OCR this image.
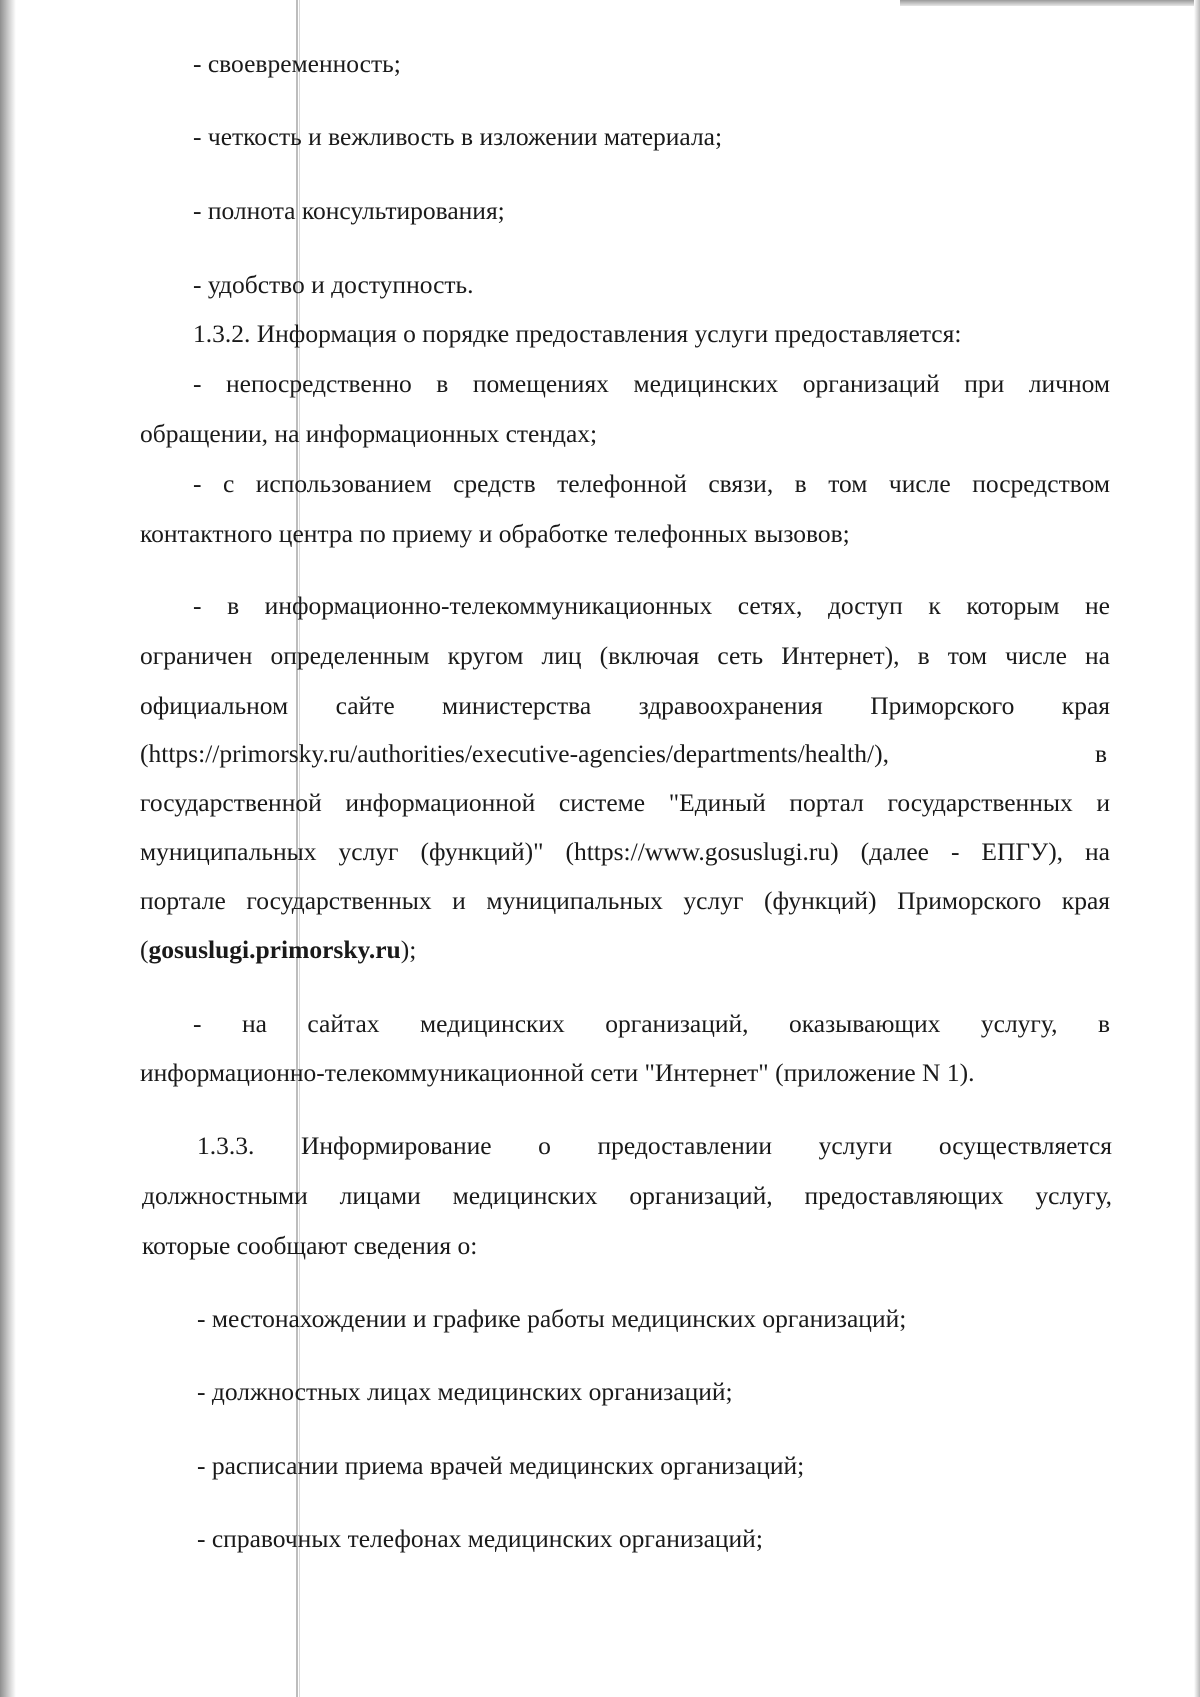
- своевременность;

- четкость и вежливость в изложении материала;

- полнота консультирования;

- удобство и доступность.

1.3.2. Информация о порядке предоставления услуги предоставляется:

- непосредственно в помещениях медицинских организаций при личном

обращении, на информационных стендах;

- с использованием средств телефонной связи, в том числе посредством

контактного центра по приему и обработке телефонных вызовов;

- в информационно-телекоммуникационных сетях, доступ к которым не

ограничен определенным кругом лиц (включая сеть Интернет), в том числе на

официальном сайте министерства здравоохранения Приморского края

(https://primorsky.ru/authorities/executive-agencies/departments/health/),	в

государственной информационной системе "Единый портал государственных и

муниципальных услуг (функций)" (https://www.gosuslugi.ru) (далее - ЕПГУ), на

портале государственных и муниципальных услуг (функций) Приморского края

(gosuslugi.primorsky.ru);

- на сайтах медицинских организаций, оказывающих услугу, в

информационно-телекоммуникационной сети "Интернет" (приложение N 1).

1.3.3. Информирование о предоставлении услуги осуществляется

должностными лицами медицинских организаций, предоставляющих услугу,

которые сообщают сведения о:

- местонахождении и графике работы медицинских организаций;

- должностных лицах медицинских организаций;

- расписании приема врачей медицинских организаций;

- справочных телефонах медицинских организаций;
